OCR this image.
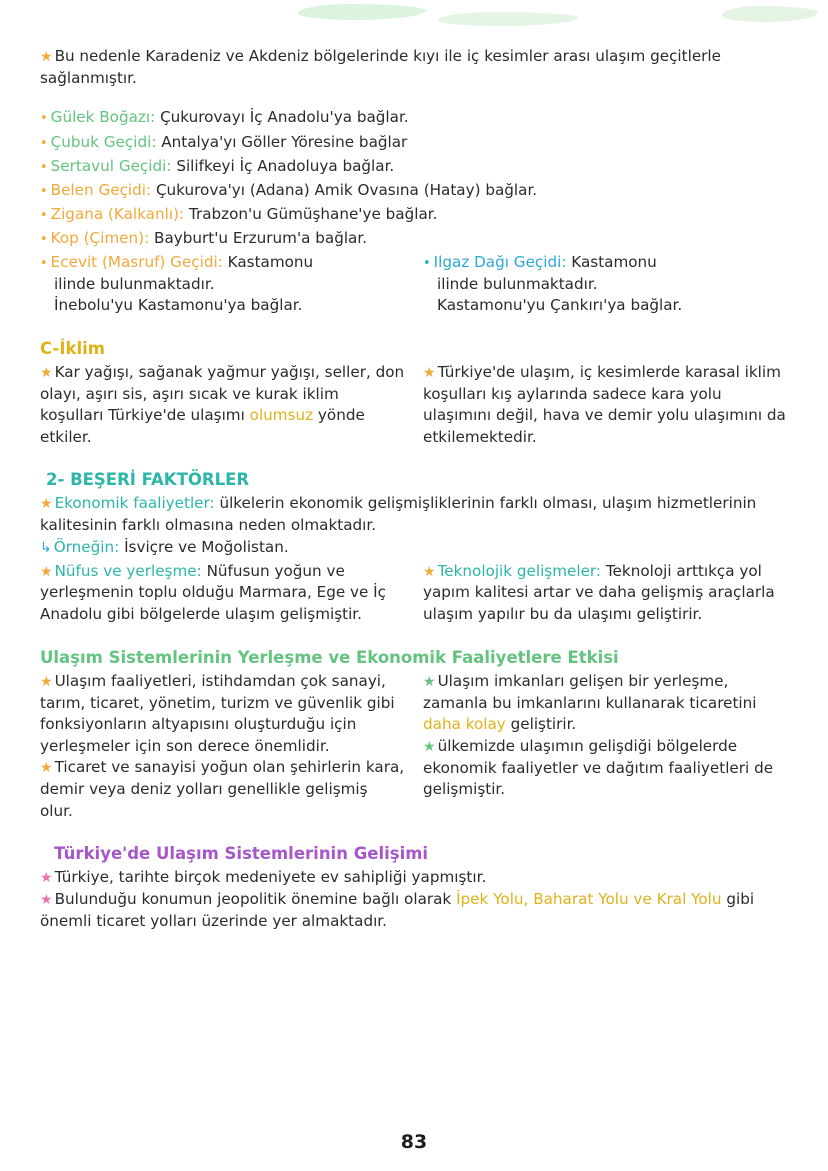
★ Bu nedenle Karadeniz ve Akdeniz bölgelerinde kıyı ile iç kesimler arası ulaşım geçitlerle sağlanmıştır.

• Gülek Boğazı: Çukurovayı İç Anadolu'ya bağlar.

• Çubuk Geçidi: Antalya'yı Göller Yöresine bağlar

• Sertavul Geçidi: Silifkeyi İç Anadoluya bağlar.

• Belen Geçidi: Çukurova'yı (Adana) Amik Ovasına (Hatay) bağlar.

• Zigana (Kalkanlı): Trabzon'u Gümüşhane'ye bağlar.

• Kop (Çimen): Bayburt'u Erzurum'a bağlar.

• Ecevit (Masruf) Geçidi: Kastamonu

ilinde bulunmaktadır.

İnebolu'yu Kastamonu'ya bağlar.

• Ilgaz Dağı Geçidi: Kastamonu

ilinde bulunmaktadır.

Kastamonu'yu Çankırı'ya bağlar.

C-İklim

★ Kar yağışı, sağanak yağmur yağışı, seller, don olayı, aşırı sis, aşırı sıcak ve kurak iklim koşulları Türkiye'de ulaşımı olumsuz yönde etkiler.

★ Türkiye'de ulaşım, iç kesimlerde karasal iklim koşulları kış aylarında sadece kara yolu ulaşımını değil, hava ve demir yolu ulaşımını da etkilemektedir.

2- BEŞERİ FAKTÖRLER

★ Ekonomik faaliyetler: ülkelerin ekonomik gelişmişliklerinin farklı olması, ulaşım hizmetlerinin kalitesinin farklı olmasına neden olmaktadır.

↳ Örneğin: İsviçre ve Moğolistan.

★ Nüfus ve yerleşme: Nüfusun yoğun ve yerleşmenin toplu olduğu Marmara, Ege ve İç Anadolu gibi bölgelerde ulaşım gelişmiştir.

★ Teknolojik gelişmeler: Teknoloji arttıkça yol yapım kalitesi artar ve daha gelişmiş araçlarla ulaşım yapılır bu da ulaşımı geliştirir.

Ulaşım Sistemlerinin Yerleşme ve Ekonomik Faaliyetlere Etkisi

★ Ulaşım faaliyetleri, istihdamdan çok sanayi, tarım, ticaret, yönetim, turizm ve güvenlik gibi fonksiyonların altyapısını oluşturduğu için yerleşmeler için son derece önemlidir.

★ Ticaret ve sanayisi yoğun olan şehirlerin kara, demir veya deniz yolları genellikle gelişmiş olur.

★ Ulaşım imkanları gelişen bir yerleşme, zamanla bu imkanlarını kullanarak ticaretini daha kolay geliştirir.

★ ülkemizde ulaşımın gelişdiği bölgelerde ekonomik faaliyetler ve dağıtım faaliyetleri de gelişmiştir.

Türkiye'de Ulaşım Sistemlerinin Gelişimi

★ Türkiye, tarihte birçok medeniyete ev sahipliği yapmıştır.

★ Bulunduğu konumun jeopolitik önemine bağlı olarak İpek Yolu, Baharat Yolu ve Kral Yolu gibi önemli ticaret yolları üzerinde yer almaktadır.

83
